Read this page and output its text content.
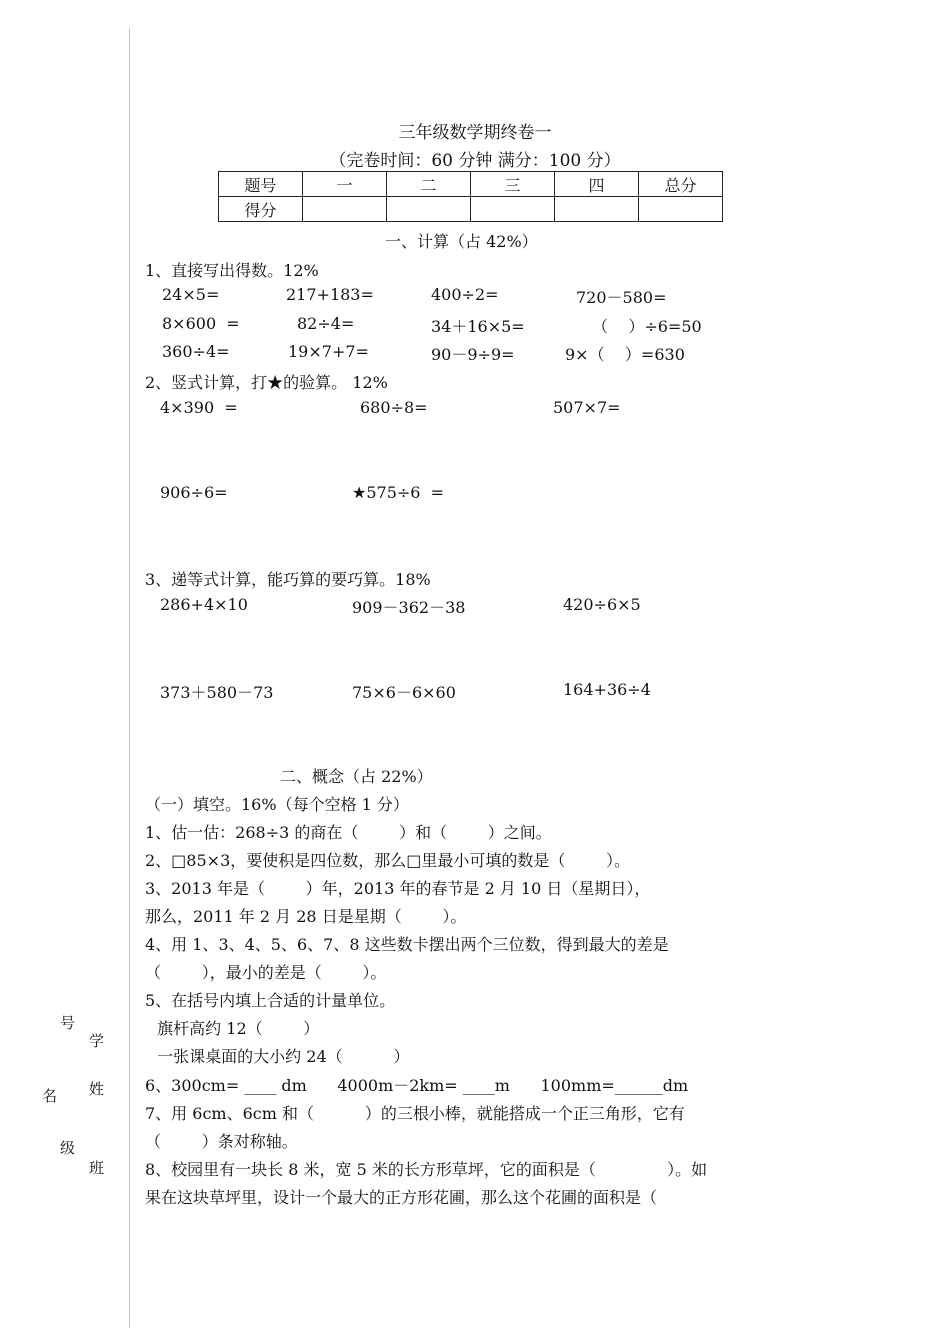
学
号
姓
名
班
级
三年级数学期终卷一
（完卷时间：60 分钟 满分：100 分）
题号	一	二	三	四	总分
得分					
一、计算（占 42%）
1、直接写出得数。12%
24×5=	217+183=	400÷2=	720－580=
8×600  =	82÷4=	34＋16×5=	（    ）÷6=50
360÷4=	19×7+7=	90－9÷9=	9×（    ）=630
2、竖式计算，打★的验算。 12%
4×390  =	680÷8=	507×7=
906÷6=	★575÷6  =
3、递等式计算，能巧算的要巧算。18%
286+4×10	909－362－38	420÷6×5
373＋580－73	75×6－6×60	164+36÷4
二、概念（占 22%）
（一）填空。16%（每个空格 1 分）
1、估一估：268÷3 的商在（        ）和（        ）之间。
2、□85×3，要使积是四位数，那么□里最小可填的数是（        ）。
3、2013 年是（        ）年，2013 年的春节是 2 月 10 日（星期日），
那么，2011 年 2 月 28 日是星期（        ）。
4、用 1、3、4、5、6、7、8 这些数卡摆出两个三位数，得到最大的差是
（        ），最小的差是（        ）。
5、在括号内填上合适的计量单位。
旗杆高约 12（        ）
一张课桌面的大小约 24（          ）
6、300cm= ____ dm      4000m－2km= ____m      100mm=______dm
7、用 6cm、6cm 和（          ）的三根小棒，就能搭成一个正三角形，它有
（        ）条对称轴。
8、校园里有一块长 8 米，宽 5 米的长方形草坪，它的面积是（              ）。如
果在这块草坪里，设计一个最大的正方形花圃，那么这个花圃的面积是（
